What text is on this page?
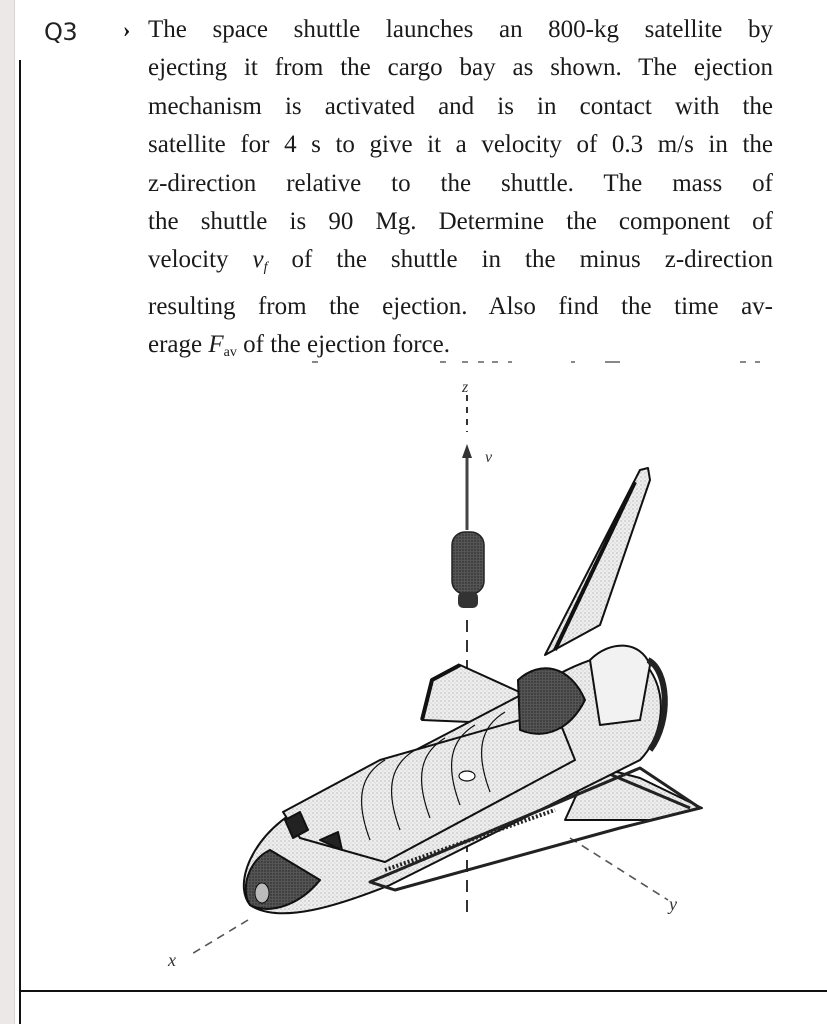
Q3 › The space shuttle launches an 800-kg satellite by
ejecting it from the cargo bay as shown. The ejection
mechanism is activated and is in contact with the
satellite for 4 s to give it a velocity of 0.3 m/s in the
z-direction relative to the shuttle. The mass of
the shuttle is 90 Mg. Determine the component of
velocity $v_f$ of the shuttle in the minus z-direction
resulting from the ejection. Also find the time av-
erage $F_{av}$ of the ejection force.
z
v
x
y
